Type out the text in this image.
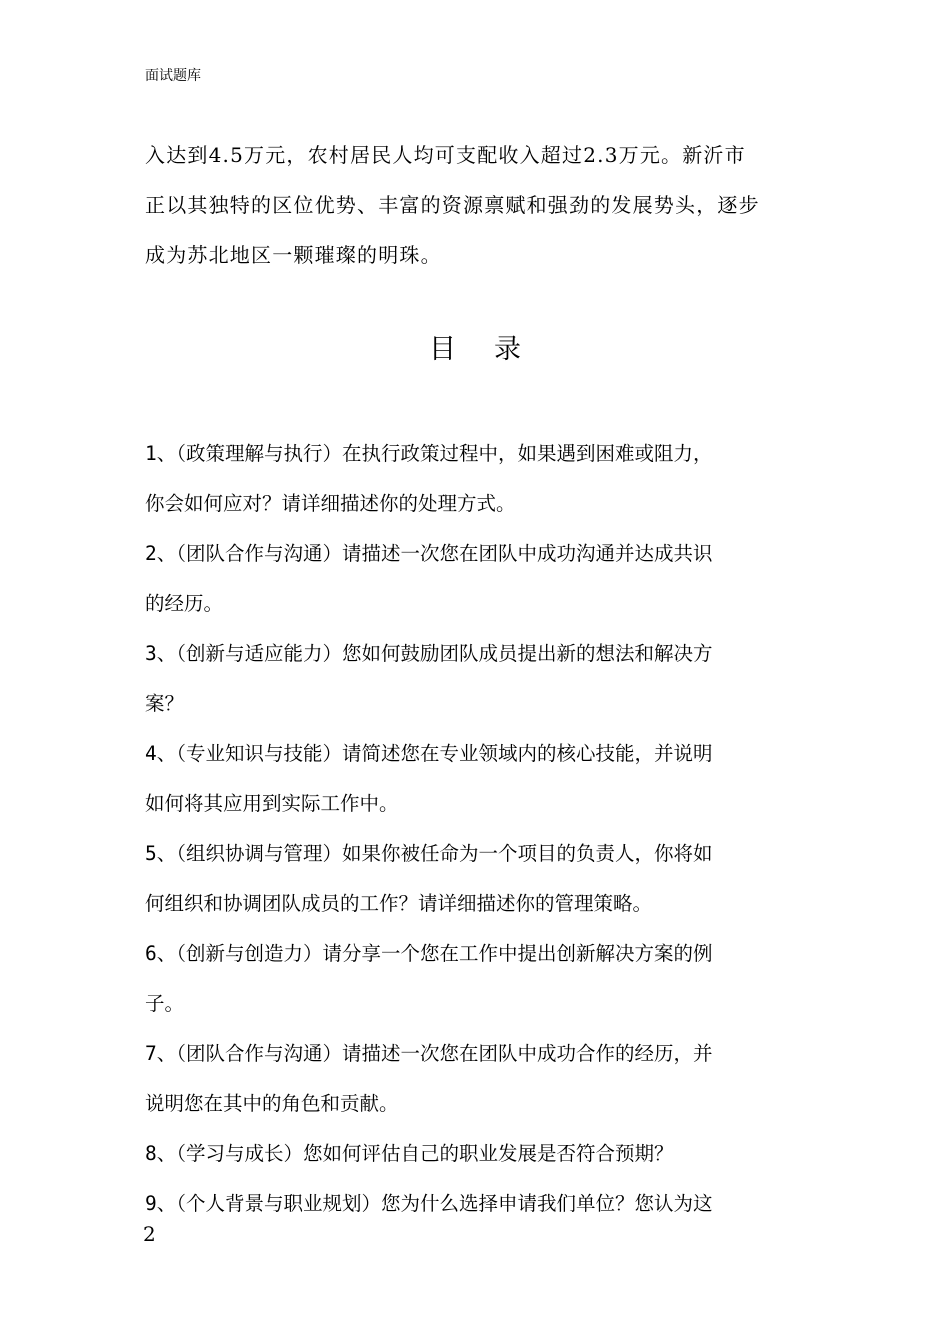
面试题库
入达到4.5万元，农村居民人均可支配收入超过2.3万元。新沂市
正以其独特的区位优势、丰富的资源禀赋和强劲的发展势头，逐步
成为苏北地区一颗璀璨的明珠。
目录
1、（政策理解与执行）在执行政策过程中，如果遇到困难或阻力，
你会如何应对？请详细描述你的处理方式。
2、（团队合作与沟通）请描述一次您在团队中成功沟通并达成共识
的经历。
3、（创新与适应能力）您如何鼓励团队成员提出新的想法和解决方
案？
4、（专业知识与技能）请简述您在专业领域内的核心技能，并说明
如何将其应用到实际工作中。
5、（组织协调与管理）如果你被任命为一个项目的负责人，你将如
何组织和协调团队成员的工作？请详细描述你的管理策略。
6、（创新与创造力）请分享一个您在工作中提出创新解决方案的例
子。
7、（团队合作与沟通）请描述一次您在团队中成功合作的经历，并
说明您在其中的角色和贡献。
8、（学习与成长）您如何评估自己的职业发展是否符合预期？
9、（个人背景与职业规划）您为什么选择申请我们单位？您认为这
2
